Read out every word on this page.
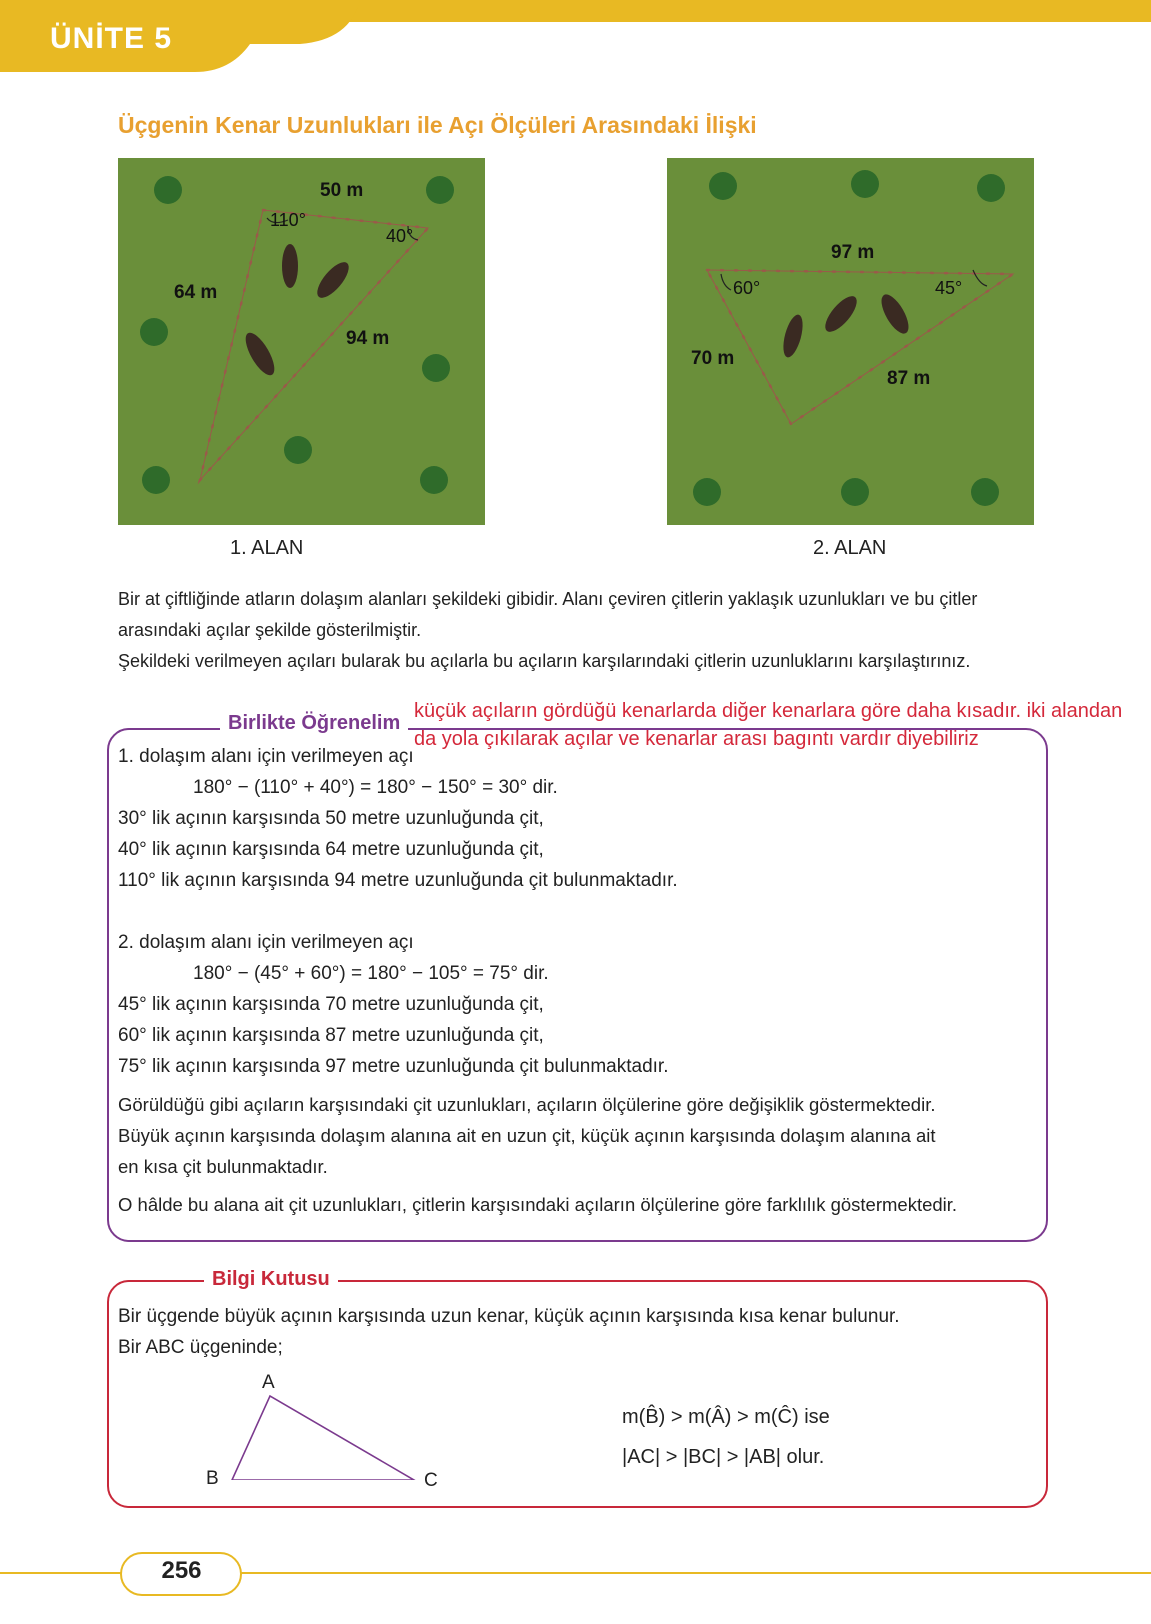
ÜNİTE 5
Üçgenin Kenar Uzunlukları ile Açı Ölçüleri Arasındaki İlişki
50 m
64 m
94 m
110°
40°
1. ALAN
97 m
70 m
87 m
60°	45°
2. ALAN
Bir at çiftliğinde atların dolaşım alanları şekildeki gibidir. Alanı çeviren çitlerin yaklaşık uzunlukları ve bu çitler arasındaki açılar şekilde gösterilmiştir.
Şekildeki verilmeyen açıları bularak bu açılarla bu açıların karşılarındaki çitlerin uzunluklarını karşılaştırınız.
Birlikte Öğrenelim
küçük açıların gördüğü kenarlarda diğer kenarlara göre daha kısadır. iki alandan da yola çıkılarak açılar ve kenarlar arası bagıntı vardır diyebiliriz
1. dolaşım alanı için verilmeyen açı
180° − (110° + 40°) = 180° − 150° = 30° dir.
30° lik açının karşısında 50 metre uzunluğunda çit,
40° lik açının karşısında 64 metre uzunluğunda çit,
110° lik açının karşısında 94 metre uzunluğunda çit bulunmaktadır.
2. dolaşım alanı için verilmeyen açı
180° − (45° + 60°) = 180° − 105° = 75° dir.
45° lik açının karşısında 70 metre uzunluğunda çit,
60° lik açının karşısında 87 metre uzunluğunda çit,
75° lik açının karşısında 97 metre uzunluğunda çit bulunmaktadır.
Görüldüğü gibi açıların karşısındaki çit uzunlukları, açıların ölçülerine göre değişiklik göstermektedir.
Büyük açının karşısında dolaşım alanına ait en uzun çit, küçük açının karşısında dolaşım alanına ait
en kısa çit bulunmaktadır.
O hâlde bu alana ait çit uzunlukları, çitlerin karşısındaki açıların ölçülerine göre farklılık göstermektedir.
Bilgi Kutusu
Bir üçgende büyük açının karşısında uzun kenar, küçük açının karşısında kısa kenar bulunur.
Bir ABC üçgeninde;
A
B	C
m(B̂) > m(Â) > m(Ĉ) ise
|AC| > |BC| > |AB| olur.
256
